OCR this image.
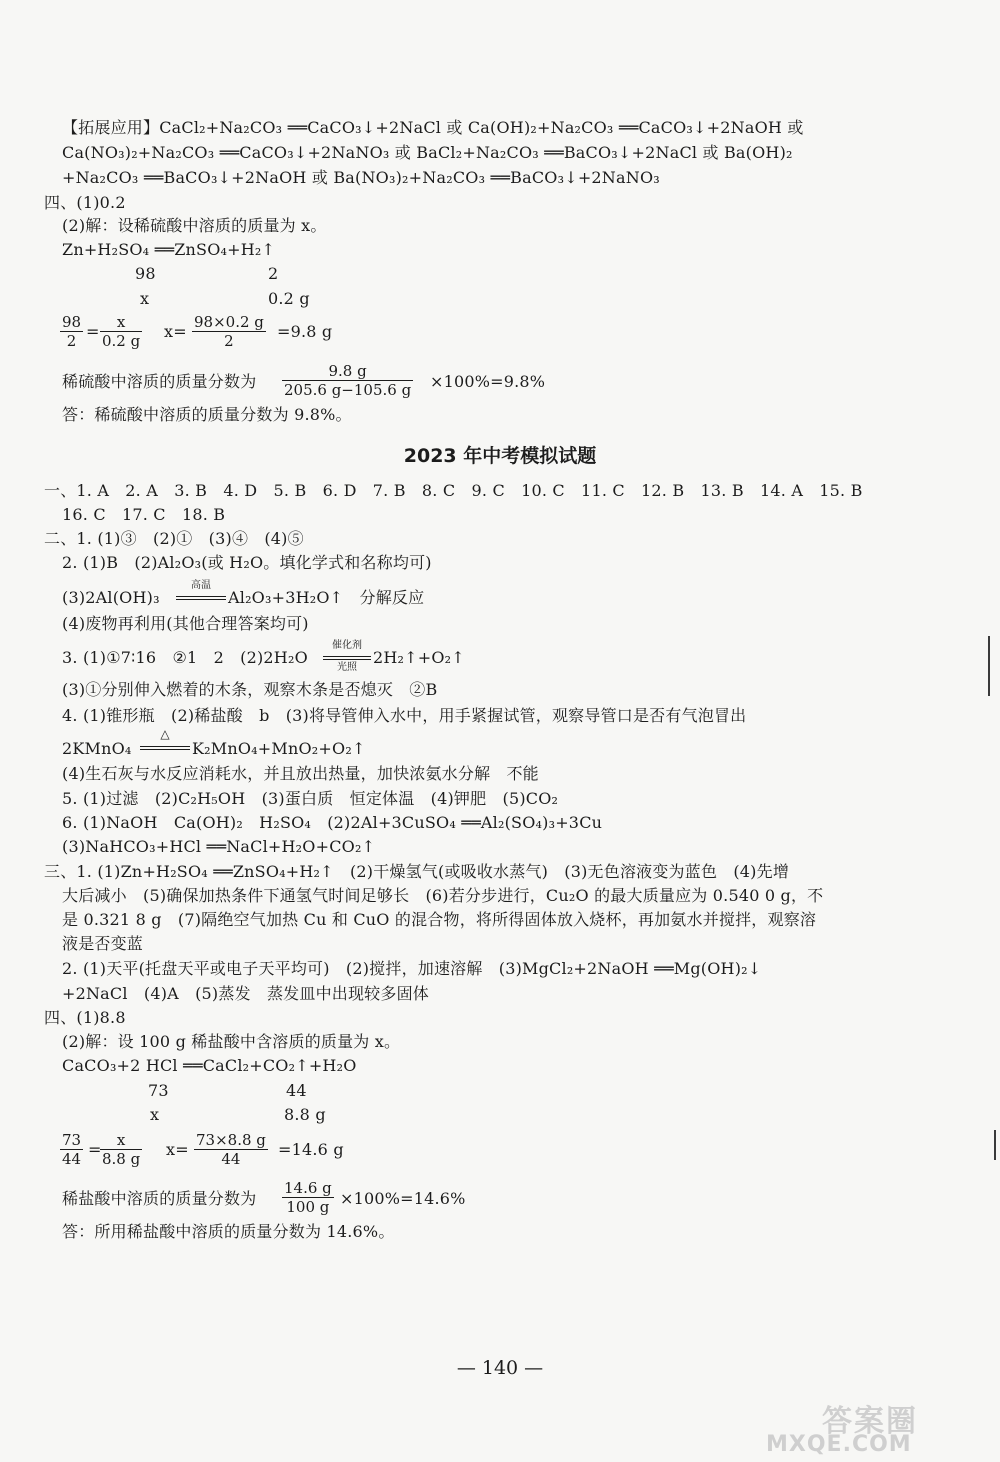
【拓展应用】CaCl₂+Na₂CO₃ ══CaCO₃↓+2NaCl 或 Ca(OH)₂+Na₂CO₃ ══CaCO₃↓+2NaOH 或
Ca(NO₃)₂+Na₂CO₃ ══CaCO₃↓+2NaNO₃ 或 BaCl₂+Na₂CO₃ ══BaCO₃↓+2NaCl 或 Ba(OH)₂
+Na₂CO₃ ══BaCO₃↓+2NaOH 或 Ba(NO₃)₂+Na₂CO₃ ══BaCO₃↓+2NaNO₃
四、(1)0.2
(2)解：设稀硫酸中溶质的质量为 x。
Zn+H₂SO₄ ══ZnSO₄+H₂↑
98	2
x	0.2 g
$\frac{98}{2} = \frac{x}{0.2 g} x= \frac{98\times 0.2 g}{2} =9.8$ g
稀硫酸中溶质的质量分数为 $\frac{9.8 g}{205.6 g-105.6 g} \times 100\%=9.8\%$
答：稀硫酸中溶质的质量分数为 9.8%。
2023 年中考模拟试题
一、1. A　2. A　3. B　4. D　5. B　6. D　7. B　8. C　9. C　10. C　11. C　12. B　13. B　14. A　15. B
16. C　17. C　18. B
二、1. (1)③　(2)①　(3)④　(4)⑤
2. (1)B　(2)Al₂O₃(或 H₂O。填化学式和名称均可)
(3)2Al(OH)₃
高温
Al₂O₃+3H₂O↑　分解反应
(4)废物再利用(其他合理答案均可)
3. (1)①7∶16　②1　2　(2)2H₂O
催化剂
光照
2H₂↑+O₂↑
(3)①分别伸入燃着的木条，观察木条是否熄灭　②B
4. (1)锥形瓶　(2)稀盐酸　b　(3)将导管伸入水中，用手紧握试管，观察导管口是否有气泡冒出
2KMnO₄
△
K₂MnO₄+MnO₂+O₂↑
(4)生石灰与水反应消耗水，并且放出热量，加快浓氨水分解　不能
5. (1)过滤　(2)C₂H₅OH　(3)蛋白质　恒定体温　(4)钾肥　(5)CO₂
6. (1)NaOH　Ca(OH)₂　H₂SO₄　(2)2Al+3CuSO₄ ══Al₂(SO₄)₃+3Cu
(3)NaHCO₃+HCl ══NaCl+H₂O+CO₂↑
三、1. (1)Zn+H₂SO₄ ══ZnSO₄+H₂↑　(2)干燥氢气(或吸收水蒸气)　(3)无色溶液变为蓝色　(4)先增
大后减小　(5)确保加热条件下通氢气时间足够长　(6)若分步进行，Cu₂O 的最大质量应为 0.540 0 g，不
是 0.321 8 g　(7)隔绝空气加热 Cu 和 CuO 的混合物，将所得固体放入烧杯，再加氨水并搅拌，观察溶
液是否变蓝
2. (1)天平(托盘天平或电子天平均可)　(2)搅拌，加速溶解　(3)MgCl₂+2NaOH ══Mg(OH)₂↓
+2NaCl　(4)A　(5)蒸发　蒸发皿中出现较多固体
四、(1)8.8
(2)解：设 100 g 稀盐酸中含溶质的质量为 x。
CaCO₃+2 HCl ══CaCl₂+CO₂↑+H₂O
73	44
x	8.8 g
$\frac{73}{44}$ =
$\frac{x}{8.8 g} x= \frac{73\times 8.8 g}{44} =14.6$ g
稀盐酸中溶质的质量分数为 $\frac{14.6 g}{100 g} \times 100\%=14.6\%$
答：所用稀盐酸中溶质的质量分数为 14.6%。
— 140 —
答案圈
MXQE.COM
